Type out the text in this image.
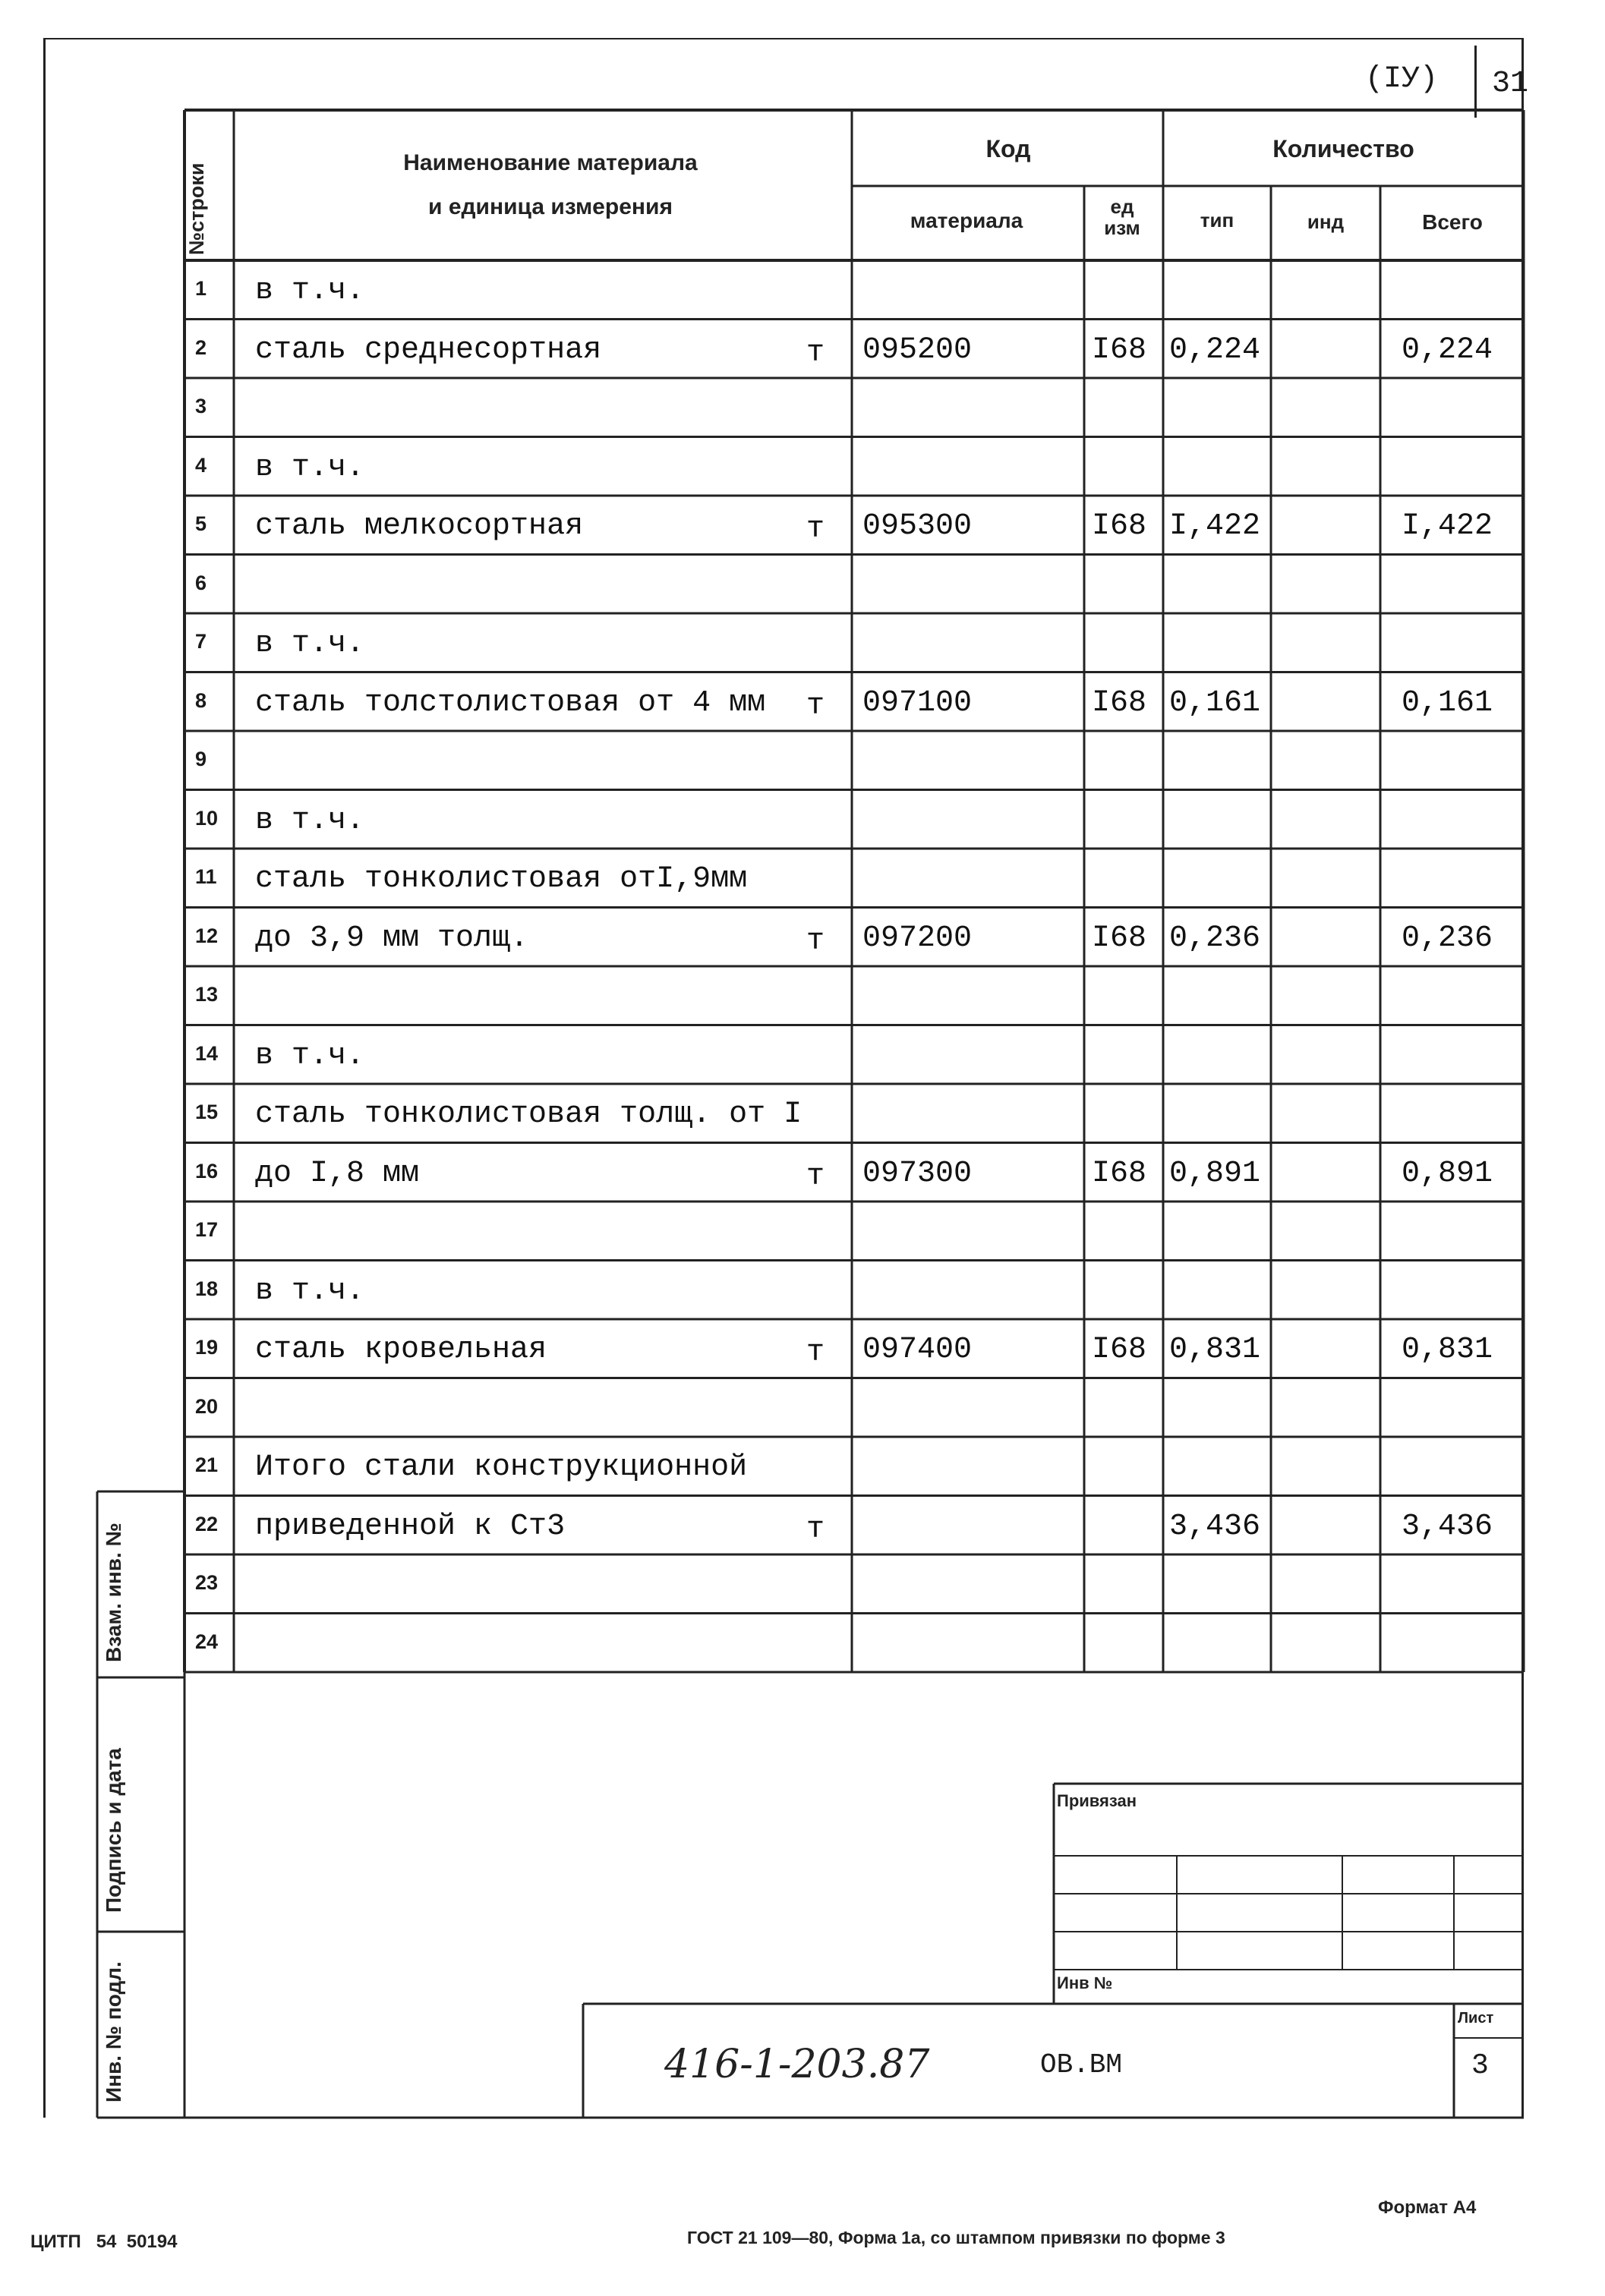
(IУ) 31
1 в т.ч.
2 сталь среднесортная	т 095200	I68 0,224	0,224
3
4 в т.ч.
5 сталь мелкосортная	т 095300	I68 I,422	I,422
6
7 в т.ч.
8 сталь толстолистовая от 4 мм т 097100	I68 0,161	0,161
9
10 в т.ч.
11 сталь тонколистовая отI,9мм
12 до 3,9 мм толщ.	т 097200	I68 0,236	0,236
13
14 в т.ч.
15 сталь тонколистовая толщ. от I
16 до I,8 мм	т 097300	I68 0,891	0,891
17
18 в т.ч.
19 сталь кровельная	т 097400	I68 0,831	0,831
20
21 Итого стали конструкционной
22 приведенной к Ст3	т	3,436	3,436
23
24
№строки
Наименование материала
и единица измерения
Код
материала
ед изм
Количество
тип	инд	Всего
Взам. инв. №
Подпись и дата
Инв. № подл.
Привязан
Инв №
416-1-203.87	ОВ.ВМ
Лист
3
Формат А4
ЦИТП   54  50194	ГОСТ 21 109—80, Форма 1а, со штампом привязки по форме 3
